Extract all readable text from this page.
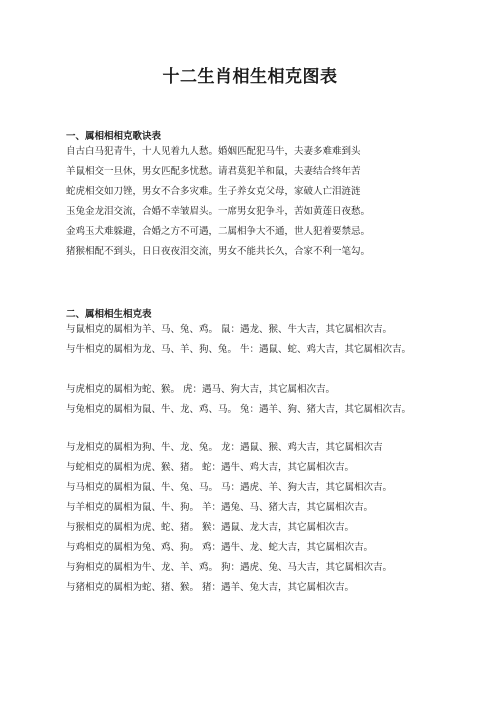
十二生肖相生相克图表
一、属相相相克歌诀表

自古白马犯青牛，十人见着九人愁。婚姻匹配犯马牛，夫妻多难难到头

羊鼠相交一旦休，男女匹配多忧愁。请君莫犯羊和鼠，夫妻结合终年苦

蛇虎相交如刀锉，男女不合多灾难。生子养女克父母，家破人亡泪涟涟

玉兔金龙泪交流，合婚不幸皱眉头。一席男女犯争斗，苦如黄莲日夜愁。

金鸡玉犬难躲避，合婚之方不可遇，二属相争大不通，世人犯着要禁忌。

猪猴相配不到头，日日夜夜泪交流，男女不能共长久，合家不利一笔勾。

二、属相相生相克表

与鼠相克的属相为羊、马、兔、鸡。 鼠：遇龙、猴、牛大吉，其它属相次吉。

与牛相克的属相为龙、马、羊、狗、兔。 牛：遇鼠、蛇、鸡大吉，其它属相次吉。

与虎相克的属相为蛇、猴。 虎：遇马、狗大吉，其它属相次吉。

与兔相克的属相为鼠、牛、龙、鸡、马。 兔：遇羊、狗、猪大吉，其它属相次吉。

与龙相克的属相为狗、牛、龙、兔。 龙：遇鼠、猴、鸡大吉，其它属相次吉

与蛇相克的属相为虎、猴、猪。 蛇：遇牛、鸡大吉，其它属相次吉。

与马相克的属相为鼠、牛、兔、马。 马：遇虎、羊、狗大吉，其它属相次吉。

与羊相克的属相为鼠、牛、狗。 羊：遇兔、马、猪大吉，其它属相次吉。

与猴相克的属相为虎、蛇、猪。 猴：遇鼠、龙大吉，其它属相次吉。

与鸡相克的属相为兔、鸡、狗。 鸡：遇牛、龙、蛇大吉，其它属相次吉。

与狗相克的属相为牛、龙、羊、鸡。 狗：遇虎、兔、马大吉，其它属相次吉。

与猪相克的属相为蛇、猪、猴。 猪：遇羊、兔大吉，其它属相次吉。
